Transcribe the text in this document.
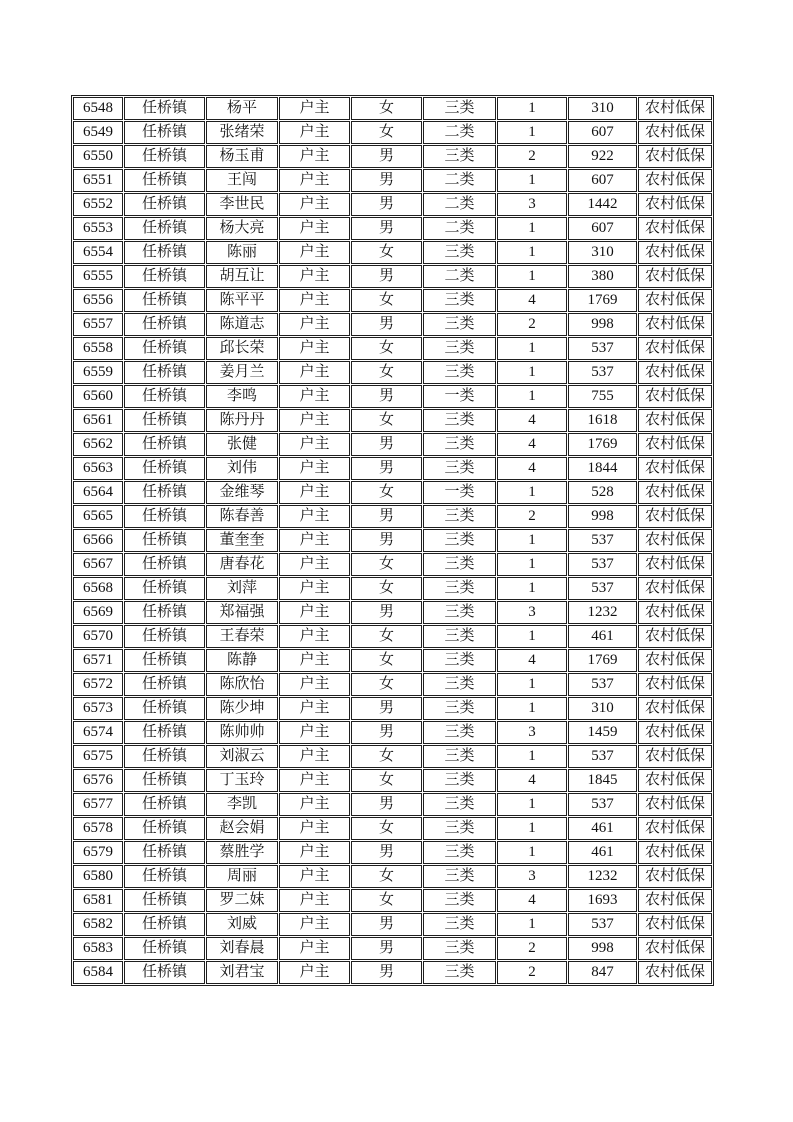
6548	任桥镇	杨平	户主	女	三类	1	310	农村低保
6549	任桥镇	张绪荣	户主	女	二类	1	607	农村低保
6550	任桥镇	杨玉甫	户主	男	三类	2	922	农村低保
6551	任桥镇	王闯	户主	男	二类	1	607	农村低保
6552	任桥镇	李世民	户主	男	二类	3	1442	农村低保
6553	任桥镇	杨大亮	户主	男	二类	1	607	农村低保
6554	任桥镇	陈丽	户主	女	三类	1	310	农村低保
6555	任桥镇	胡互让	户主	男	二类	1	380	农村低保
6556	任桥镇	陈平平	户主	女	三类	4	1769	农村低保
6557	任桥镇	陈道志	户主	男	三类	2	998	农村低保
6558	任桥镇	邱长荣	户主	女	三类	1	537	农村低保
6559	任桥镇	姜月兰	户主	女	三类	1	537	农村低保
6560	任桥镇	李鸣	户主	男	一类	1	755	农村低保
6561	任桥镇	陈丹丹	户主	女	三类	4	1618	农村低保
6562	任桥镇	张健	户主	男	三类	4	1769	农村低保
6563	任桥镇	刘伟	户主	男	三类	4	1844	农村低保
6564	任桥镇	金维琴	户主	女	一类	1	528	农村低保
6565	任桥镇	陈春善	户主	男	三类	2	998	农村低保
6566	任桥镇	董奎奎	户主	男	三类	1	537	农村低保
6567	任桥镇	唐春花	户主	女	三类	1	537	农村低保
6568	任桥镇	刘萍	户主	女	三类	1	537	农村低保
6569	任桥镇	郑福强	户主	男	三类	3	1232	农村低保
6570	任桥镇	王春荣	户主	女	三类	1	461	农村低保
6571	任桥镇	陈静	户主	女	三类	4	1769	农村低保
6572	任桥镇	陈欣怡	户主	女	三类	1	537	农村低保
6573	任桥镇	陈少坤	户主	男	三类	1	310	农村低保
6574	任桥镇	陈帅帅	户主	男	三类	3	1459	农村低保
6575	任桥镇	刘淑云	户主	女	三类	1	537	农村低保
6576	任桥镇	丁玉玲	户主	女	三类	4	1845	农村低保
6577	任桥镇	李凯	户主	男	三类	1	537	农村低保
6578	任桥镇	赵会娟	户主	女	三类	1	461	农村低保
6579	任桥镇	蔡胜学	户主	男	三类	1	461	农村低保
6580	任桥镇	周丽	户主	女	三类	3	1232	农村低保
6581	任桥镇	罗二妹	户主	女	三类	4	1693	农村低保
6582	任桥镇	刘威	户主	男	三类	1	537	农村低保
6583	任桥镇	刘春晨	户主	男	三类	2	998	农村低保
6584	任桥镇	刘君宝	户主	男	三类	2	847	农村低保
